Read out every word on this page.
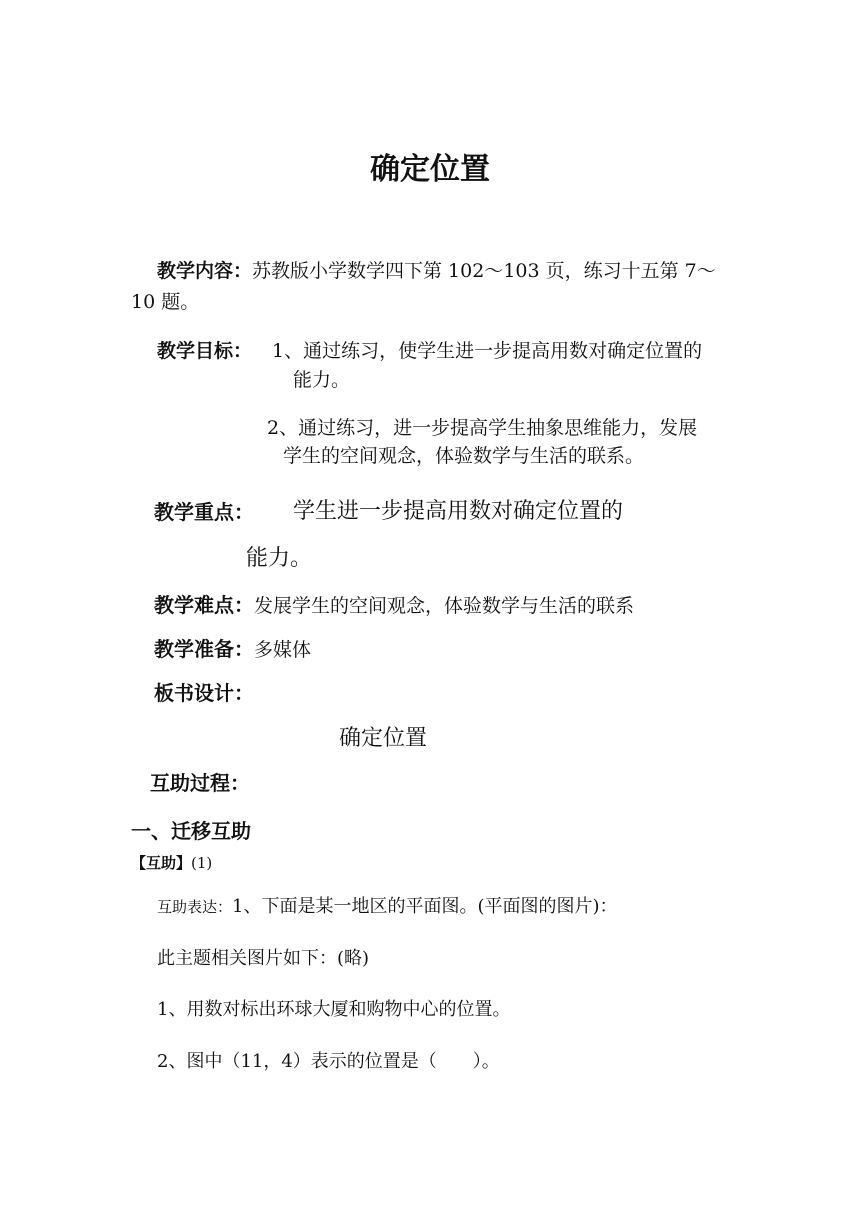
确定位置
教学内容：苏教版小学数学四下第 102～103 页，练习十五第 7～
10 题。
教学目标： 1、通过练习，使学生进一步提高用数对确定位置的
能力。
2、通过练习，进一步提高学生抽象思维能力，发展
学生的空间观念，体验数学与生活的联系。
教学重点： 学生进一步提高用数对确定位置的
能力。
教学难点：发展学生的空间观念，体验数学与生活的联系
教学准备：多媒体
板书设计：
确定位置
互助过程：
一、迁移互助
【互助】(1)
互助表达：1、下面是某一地区的平面图。(平面图的图片)：
此主题相关图片如下：(略)
1、用数对标出环球大厦和购物中心的位置。
2、图中（11，4）表示的位置是（　　）。
